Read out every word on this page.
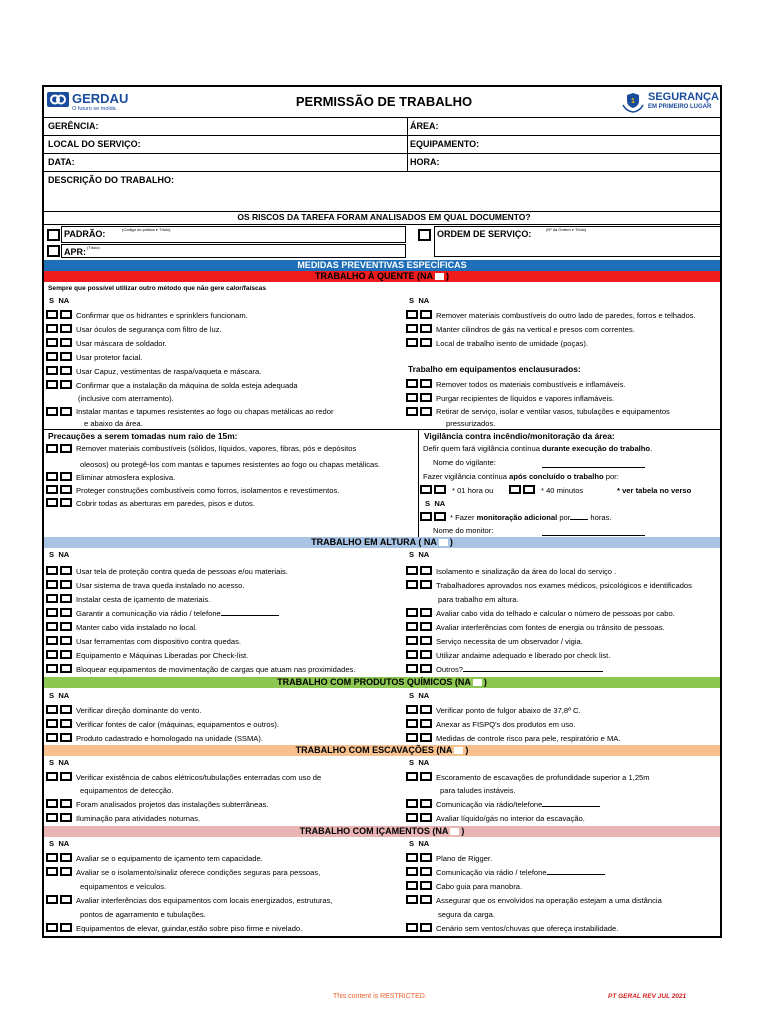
GERDAU
O futuro se molda	PERMISSÃO DE TRABALHO	1 SEGURANÇA
EM PRIMEIRO LUGAR
GERÊNCIA:	ÁREA:
LOCAL DO SERVIÇO:	EQUIPAMENTO:
DATA:	HORA:
DESCRIÇÃO DO TRABALHO:
OS RISCOS DA TAREFA FORAM ANALISADOS EM QUAL DOCUMENTO?
PADRÃO:	(Código do prática e Título)	ORDEM DE SERVIÇO:	(Nº da Ordem e Título)
APR: (Título)
MEDIDAS PREVENTIVAS ESPECÍFICAS
TRABALHO À QUENTE (NA )
Sempre que possível utilizar outro método que não gere calor/faíscas
S NA	S NA
Confirmar que os hidrantes e sprinklers funcionam.
Usar óculos de segurança com filtro de luz.
Usar máscara de soldador.
Usar protetor facial.
Usar Capuz, vestimentas de raspa/vaqueta e máscara.
Confirmar que a instalação da máquina de solda esteja adequada
(inclusive com aterramento).
Instalar mantas e tapumes resistentes ao fogo ou chapas metálicas ao redor
e abaixo da área.
Remover materiais combustíveis do outro lado de paredes, forros e telhados.
Manter cilindros de gás na vertical e presos com correntes.
Local de trabalho isento de umidade (poças).
Trabalho em equipamentos enclausurados:
Remover todos os materiais combustíveis e inflamáveis.
Purgar recipientes de líquidos e vapores inflamáveis.
Retirar de serviço, isolar e ventilar vasos, tubulações e equipamentos
pressurizados.
Precauções a serem tomadas num raio de 15m:
Remover materiais combustíveis (sólidos, líquidos, vapores, fibras, pós e depósitos
oleosos) ou protegê-los com mantas e tapumes resistentes ao fogo ou chapas metálicas.
Eliminar atmosfera explosiva.
Proteger construções combustíveis como forros, isolamentos e revestimentos.
Cobrir todas as aberturas em paredes, pisos e dutos.
Vigilância contra incêndio/monitoração da área:
Defir quem fará vigilância contínua durante execução do trabalho.
Nome do vigilante:
Fazer vigilância contínua após concluído o trabalho por:
* 01 hora ou	* 40 minutos	* ver tabela no verso
S NA
* Fazer monitoração adicional por horas.
Nome do monitor:
TRABALHO EM ALTURA ( NA )
S NA	S NA
Usar tela de proteção contra queda de pessoas e/ou materiais.
Usar sistema de trava queda instalado no acesso.
Instalar cesta de içamento de materiais.
Garantir a comunicação via rádio / telefone
Manter cabo vida instalado no local.
Usar ferramentas com dispositivo contra quedas.
Equipamento e Máquinas Liberadas por Check-list.
Bloquear equipamentos de movimentação de cargas que atuam nas proximidades.
Isolamento e sinalização da área do local do serviço .
Trabalhadores aprovados nos exames médicos, psicológicos e identificados
para trabalho em altura.
Avaliar cabo vida do telhado e calcular o número de pessoas por cabo.
Avaliar interferências com fontes de energia ou trânsito de pessoas.
Serviço necessita de um observador / vigia.
Utilizar andaime adequado e liberado por check list.
Outros?
TRABALHO COM PRODUTOS QUÍMICOS (NA )
S NA	S NA
Verificar direção dominante do vento.
Verificar fontes de calor (máquinas, equipamentos e outros).
Produto cadastrado e homologado na unidade (SSMA).
Verificar ponto de fulgor abaixo de 37,8º C.
Anexar as FISPQ's dos produtos em uso.
Medidas de controle risco para pele, respiratório e MA.
TRABALHO COM ESCAVAÇÕES (NA )
S NA	S NA
Verificar existência de cabos elétricos/tubulações enterradas com uso de
equipamentos de detecção.
Foram analisados projetos das instalações subterrâneas.
Iluminação para atividades noturnas.
Escoramento de escavações de profundidade superior a 1,25m
para taludes instáveis.
Comunicação via rádio/telefone
Avaliar líquido/gás no interior da escavação.
TRABALHO COM IÇAMENTOS (NA )
S NA	S NA
Avaliar se o equipamento de içamento tem capacidade.
Avaliar se o isolamento/sinaliz oferece condições seguras para pessoas,
equipamentos e veículos.
Avaliar interferências dos equipamentos com locais energizados, estruturas,
pontos de agarramento e tubulações.
Equipamentos de elevar, guindar,estão sobre piso firme e nivelado.
Plano de Rigger.
Comunicação via rádio / telefone
Cabo guia para manobra.
Assegurar que os envolvidos na operação estejam a uma distância
segura da carga.
Cenário sem ventos/chuvas que ofereça instabilidade.
This content is RESTRICTED.	PT GERAL REV JUL 2021
